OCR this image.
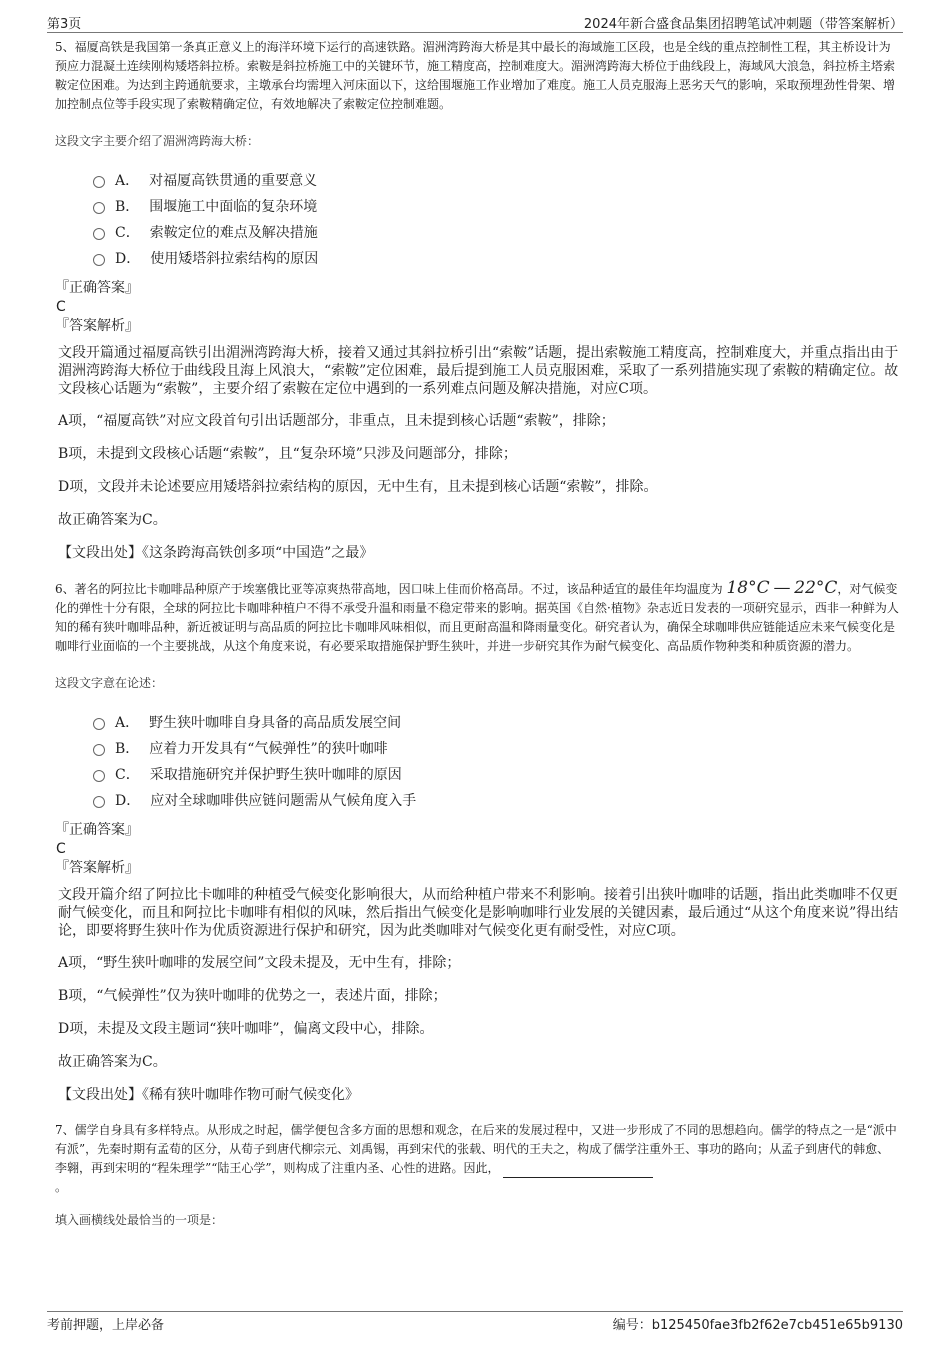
第3页	2024年新合盛食品集团招聘笔试冲刺题（带答案解析）

5、福厦高铁是我国第一条真正意义上的海洋环境下运行的高速铁路。湄洲湾跨海大桥是其中最长的海域施工区段，也是全线的重点控制性工程，其主桥设计为预应力混凝土连续刚构矮塔斜拉桥。索鞍是斜拉桥施工中的关键环节，施工精度高，控制难度大。湄洲湾跨海大桥位于曲线段上，海域风大浪急，斜拉桥主塔索鞍定位困难。为达到主跨通航要求，主墩承台均需埋入河床面以下，这给围堰施工作业增加了难度。施工人员克服海上恶劣天气的影响，采取预埋劲性骨架、增加控制点位等手段实现了索鞍精确定位，有效地解决了索鞍定位控制难题。

这段文字主要介绍了湄洲湾跨海大桥：

A． 对福厦高铁贯通的重要意义
B． 围堰施工中面临的复杂环境
C． 索鞍定位的难点及解决措施
D． 使用矮塔斜拉索结构的原因

『正确答案』

C

『答案解析』

文段开篇通过福厦高铁引出湄洲湾跨海大桥，接着又通过其斜拉桥引出“索鞍”话题，提出索鞍施工精度高，控制难度大，并重点指出由于湄洲湾跨海大桥位于曲线段且海上风浪大，“索鞍”定位困难，最后提到施工人员克服困难，采取了一系列措施实现了索鞍的精确定位。故文段核心话题为“索鞍”，主要介绍了索鞍在定位中遇到的一系列难点问题及解决措施，对应C项。

A项，“福厦高铁”对应文段首句引出话题部分，非重点，且未提到核心话题“索鞍”，排除；

B项，未提到文段核心话题“索鞍”，且“复杂环境”只涉及问题部分，排除；

D项，文段并未论述要应用矮塔斜拉索结构的原因，无中生有，且未提到核心话题“索鞍”，排除。

故正确答案为C。

【文段出处】《这条跨海高铁创多项“中国造”之最》

6、著名的阿拉比卡咖啡品种原产于埃塞俄比亚等凉爽热带高地，因口味上佳而价格高昂。不过，该品种适宜的最佳年均温度为 18°C — 22°C，对气候变化的弹性十分有限，全球的阿拉比卡咖啡种植户不得不承受升温和雨量不稳定带来的影响。据英国《自然·植物》杂志近日发表的一项研究显示，西非一种鲜为人知的稀有狭叶咖啡品种，新近被证明与高品质的阿拉比卡咖啡风味相似，而且更耐高温和降雨量变化。研究者认为，确保全球咖啡供应链能适应未来气候变化是咖啡行业面临的一个主要挑战，从这个角度来说，有必要采取措施保护野生狭叶，并进一步研究其作为耐气候变化、高品质作物种类和种质资源的潜力。

这段文字意在论述：

A． 野生狭叶咖啡自身具备的高品质发展空间
B． 应着力开发具有“气候弹性”的狭叶咖啡
C． 采取措施研究并保护野生狭叶咖啡的原因
D． 应对全球咖啡供应链问题需从气候角度入手

『正确答案』

C

『答案解析』

文段开篇介绍了阿拉比卡咖啡的种植受气候变化影响很大，从而给种植户带来不利影响。接着引出狭叶咖啡的话题，指出此类咖啡不仅更耐气候变化，而且和阿拉比卡咖啡有相似的风味，然后指出气候变化是影响咖啡行业发展的关键因素，最后通过“从这个角度来说”得出结论，即要将野生狭叶作为优质资源进行保护和研究，因为此类咖啡对气候变化更有耐受性，对应C项。

A项，“野生狭叶咖啡的发展空间”文段未提及，无中生有，排除；

B项，“气候弹性”仅为狭叶咖啡的优势之一，表述片面，排除；

D项，未提及文段主题词“狭叶咖啡”，偏离文段中心，排除。

故正确答案为C。

【文段出处】《稀有狭叶咖啡作物可耐气候变化》

7、儒学自身具有多样特点。从形成之时起，儒学便包含多方面的思想和观念，在后来的发展过程中，又进一步形成了不同的思想趋向。儒学的特点之一是“派中有派”，先秦时期有孟荀的区分，从荀子到唐代柳宗元、刘禹锡，再到宋代的张载、明代的王夫之，构成了儒学注重外王、事功的路向；从孟子到唐代的韩愈、李翱，再到宋明的“程朱理学”“陆王心学”，则构成了注重内圣、心性的进路。因此，
。

填入画横线处最恰当的一项是：

考前押题，上岸必备	编号：b125450fae3fb2f62e7cb451e65b9130
